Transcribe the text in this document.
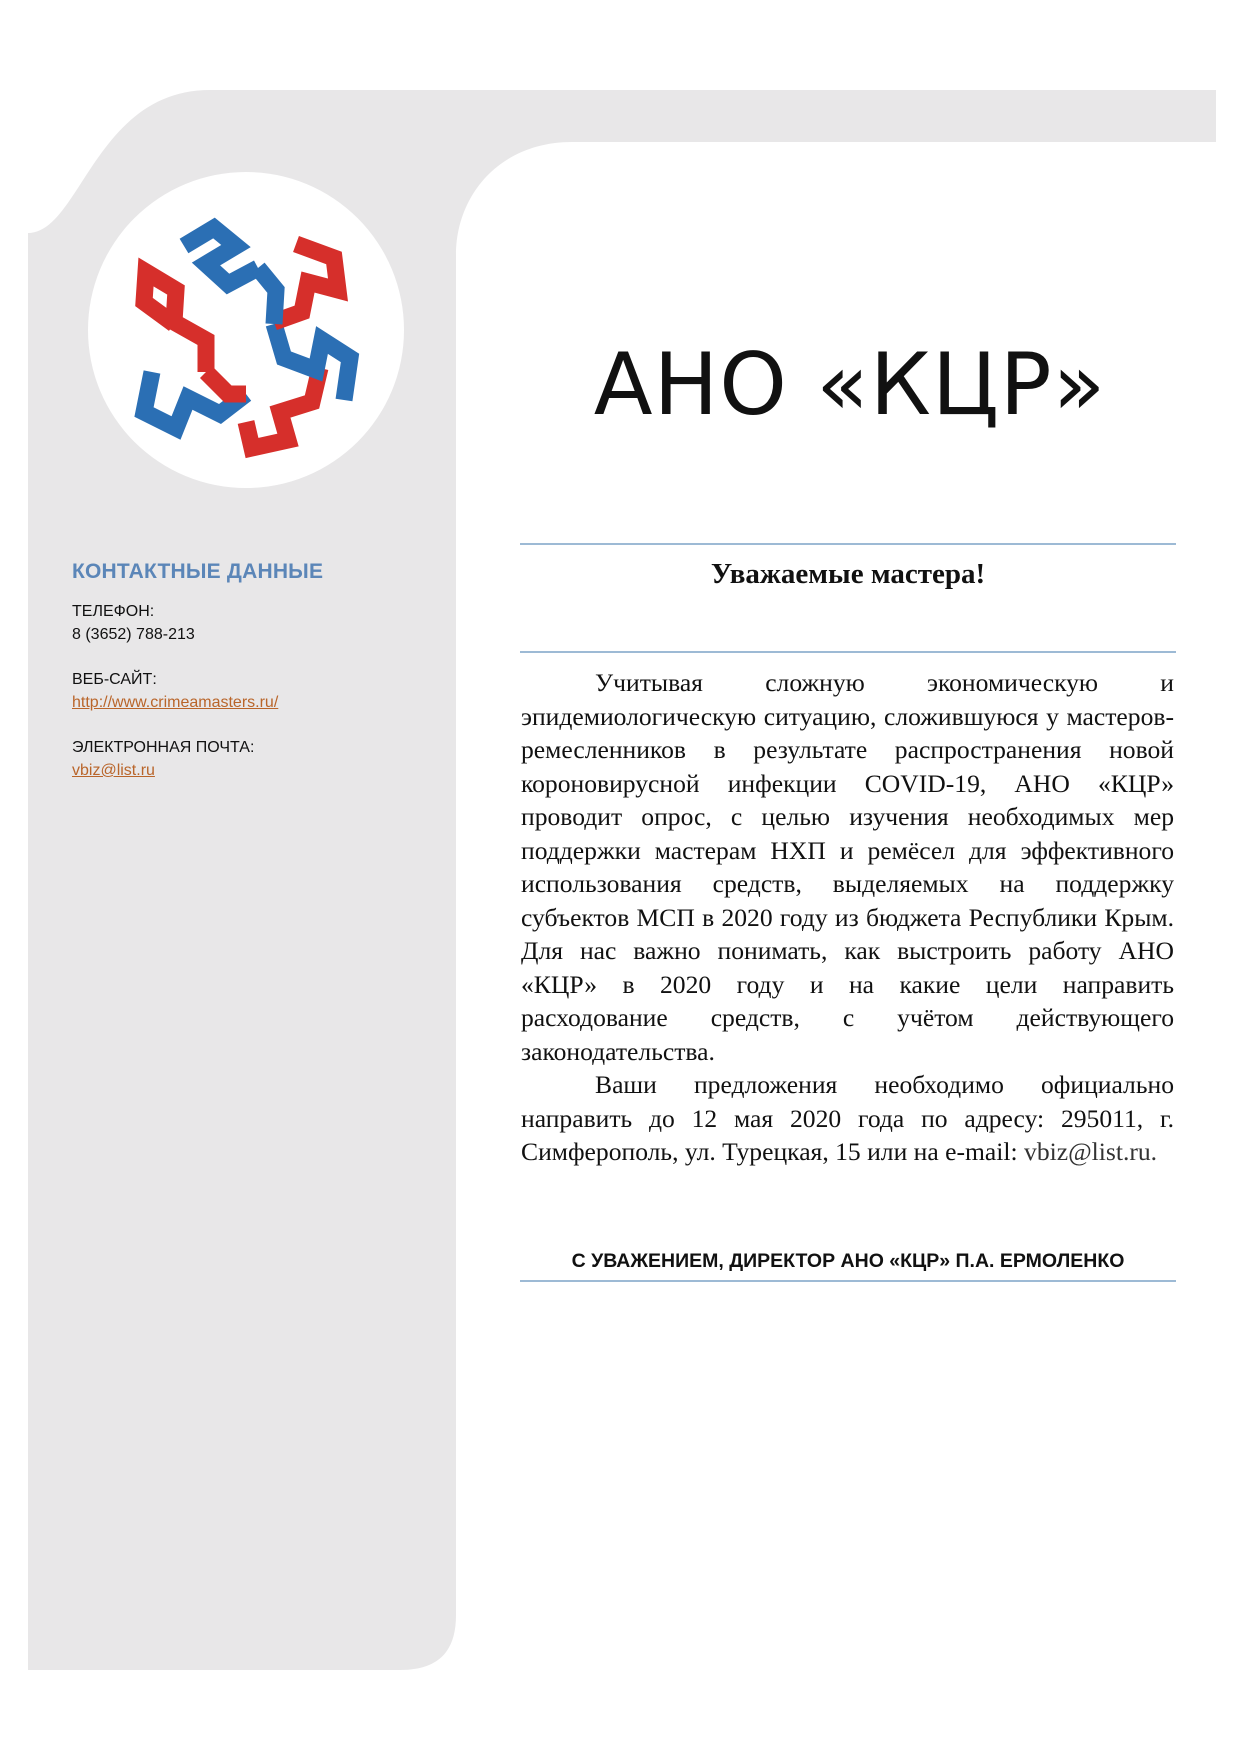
КОНТАКТНЫЕ ДАННЫЕ

ТЕЛЕФОН:

8 (3652) 788-213

ВЕБ-САЙТ:

http://www.crimeamasters.ru/

ЭЛЕКТРОННАЯ ПОЧТА:

vbiz@list.ru
АНО «КЦР»
Уважаемые мастера!

Учитывая сложную экономическую и эпидемиологическую ситуацию, сложившуюся у мастеров-ремесленников в результате распространения новой короновирусной инфекции COVID-19, АНО «КЦР» проводит опрос, с целью изучения необходимых мер поддержки мастерам НХП и ремёсел для эффективного использования средств, выделяемых на поддержку субъектов МСП в 2020 году из бюджета Республики Крым. Для нас важно понимать, как выстроить работу АНО «КЦР» в 2020 году и на какие цели направить расходование средств, с учётом действующего законодательства.

Ваши предложения необходимо официально направить до 12 мая 2020 года по адресу: 295011, г. Симферополь, ул. Турецкая, 15 или на e-mail: vbiz@list.ru.

С УВАЖЕНИЕМ, ДИРЕКТОР АНО «КЦР» П.А. ЕРМОЛЕНКО
